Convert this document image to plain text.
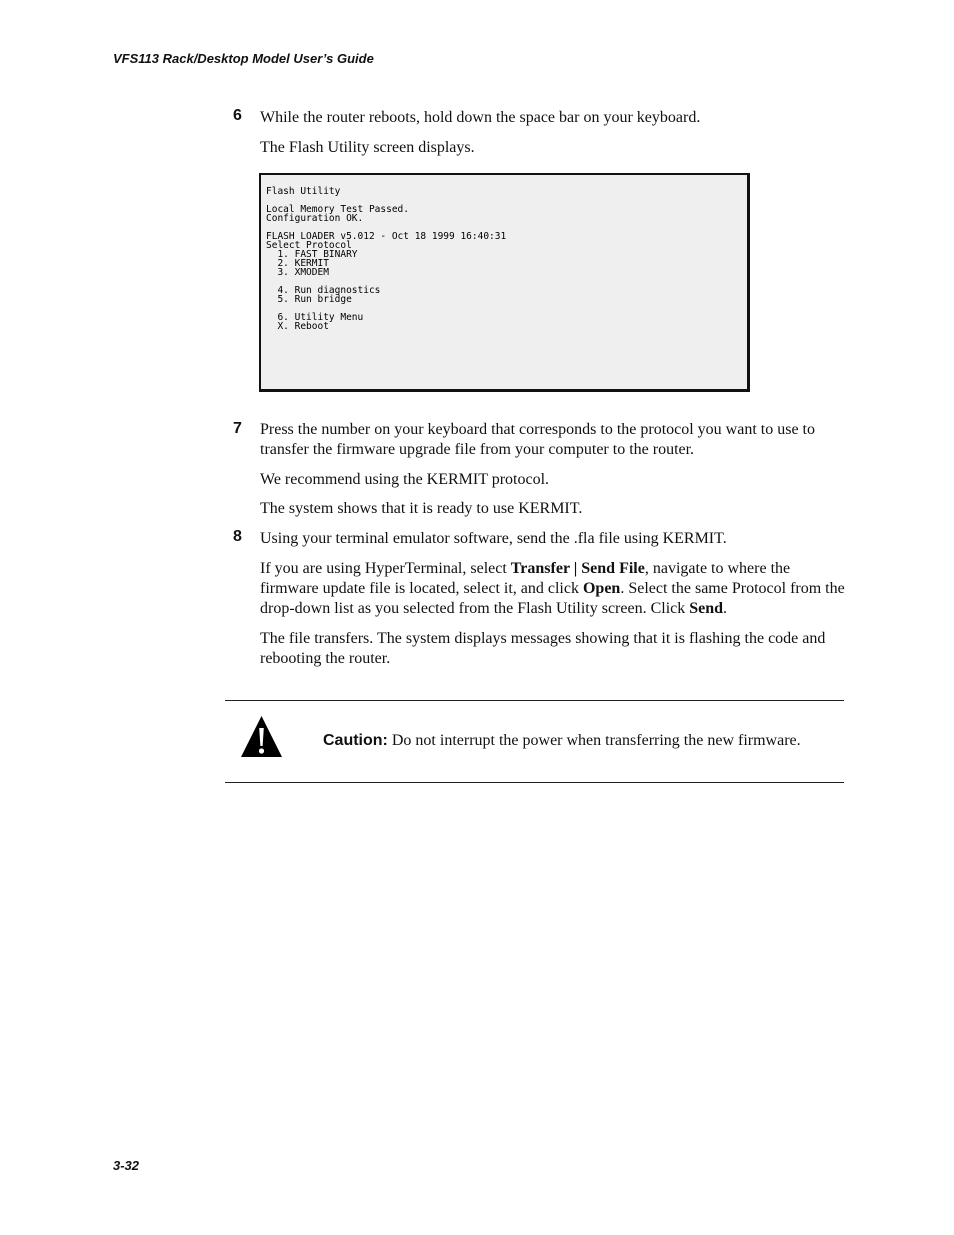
VFS113 Rack/Desktop Model User’s Guide
6 While the router reboots, hold down the space bar on your keyboard.

The Flash Utility screen displays.

Flash Utility
Local Memory Test Passed.
Configuration OK.
FLASH LOADER v5.012 - Oct 18 1999 16:40:31
Select Protocol
1. FAST BINARY
2. KERMIT
3. XMODEM
4. Run diagnostics
5. Run bridge
6. Utility Menu
X. Reboot
7 Press the number on your keyboard that corresponds to the protocol you want to use to transfer the firmware upgrade file from your computer to the router.

We recommend using the KERMIT protocol.

The system shows that it is ready to use KERMIT.

8 Using your terminal emulator software, send the .fla file using KERMIT.

If you are using HyperTerminal, select Transfer | Send File, navigate to where the firmware update file is located, select it, and click Open. Select the same Protocol from the drop-down list as you selected from the Flash Utility screen. Click Send.

The file transfers. The system displays messages showing that it is flashing the code and rebooting the router.

Caution: Do not interrupt the power when transferring the new firmware.
3-32
